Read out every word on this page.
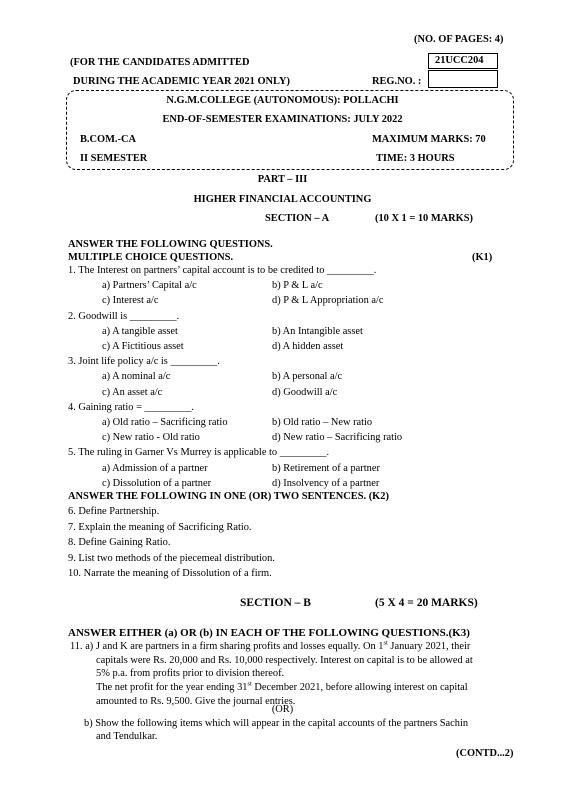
(NO. OF PAGES: 4)
(FOR THE CANDIDATES ADMITTED	21UCC204
DURING THE ACADEMIC YEAR 2021 ONLY)	REG.NO. :
N.G.M.COLLEGE (AUTONOMOUS): POLLACHI
END-OF-SEMESTER EXAMINATIONS: JULY 2022
B.COM.-CA	MAXIMUM MARKS: 70
II SEMESTER	TIME: 3 HOURS
PART – III
HIGHER FINANCIAL ACCOUNTING
SECTION – A	(10 X 1 = 10 MARKS)
ANSWER THE FOLLOWING QUESTIONS.
MULTIPLE CHOICE QUESTIONS.	(K1)
1. The Interest on partners’ capital account is to be credited to _________.
a) Partners’ Capital a/c	b) P & L a/c
c) Interest a/c	d) P & L Appropriation a/c
2. Goodwill is _________.
a) A tangible asset	b) An Intangible asset
c) A Fictitious asset	d) A hidden asset
3. Joint life policy a/c is _________.
a) A nominal a/c	b) A personal a/c
c) An asset a/c	d) Goodwill a/c
4. Gaining ratio = _________.
a) Old ratio – Sacrificing ratio	b) Old ratio – New ratio
c) New ratio - Old ratio	d) New ratio – Sacrificing ratio
5. The ruling in Garner Vs Murrey is applicable to _________.
a) Admission of a partner	b) Retirement of a partner
c) Dissolution of a partner	d) Insolvency of a partner
ANSWER THE FOLLOWING IN ONE (OR) TWO SENTENCES. (K2)
6. Define Partnership.
7. Explain the meaning of Sacrificing Ratio.
8. Define Gaining Ratio.
9. List two methods of the piecemeal distribution.
10. Narrate the meaning of Dissolution of a firm.
SECTION – B	(5 X 4 = 20 MARKS)
ANSWER EITHER (a) OR (b) IN EACH OF THE FOLLOWING QUESTIONS.(K3)
11. a) J and K are partners in a firm sharing profits and losses equally. On 1st January 2021, their
capitals were Rs. 20,000 and Rs. 10,000 respectively. Interest on capital is to be allowed at
5% p.a. from profits prior to division thereof.
The net profit for the year ending 31st December 2021, before allowing interest on capital
amounted to Rs. 9,500. Give the journal entries.
(OR)
b) Show the following items which will appear in the capital accounts of the partners Sachin
and Tendulkar.
(CONTD...2)
